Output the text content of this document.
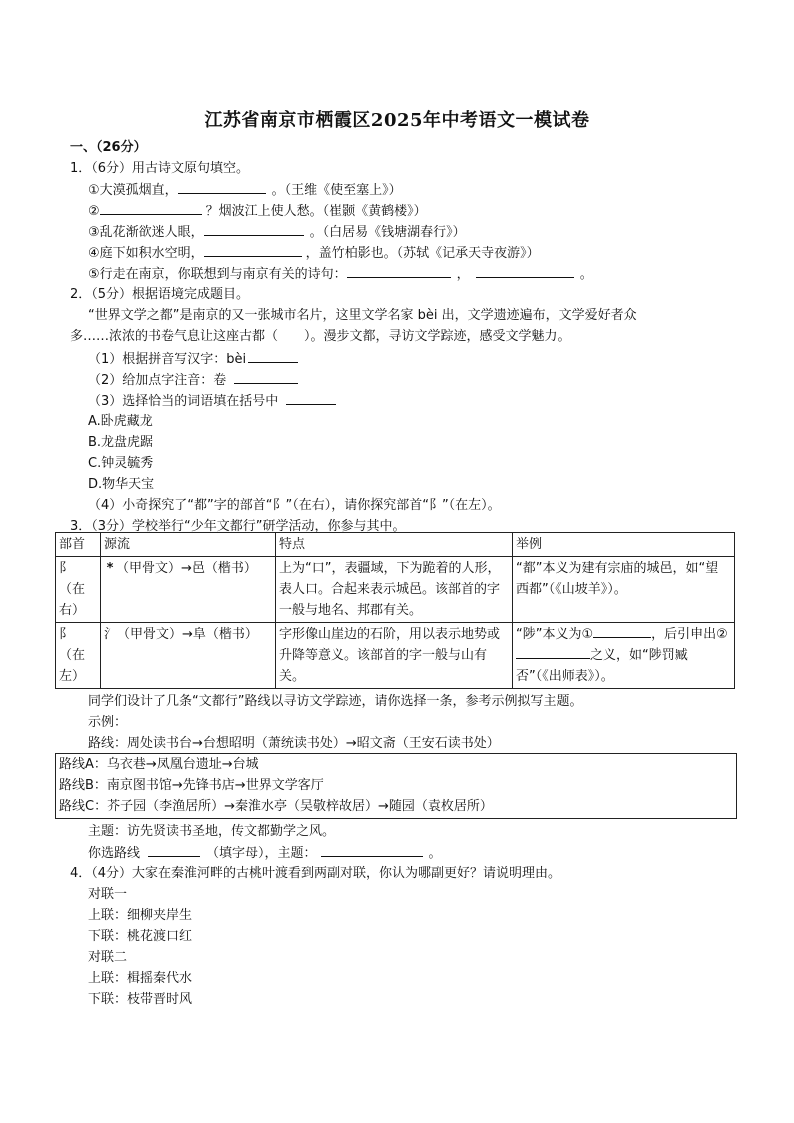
江苏省南京市栖霞区2025年中考语文一模试卷
一、（26分）
1．（6分）用古诗文原句填空。
①大漠孤烟直，	。（王维《使至塞上》）
②	？烟波江上使人愁。（崔颢《黄鹤楼》）
③乱花渐欲迷人眼，	。（白居易《钱塘湖春行》）
④庭下如积水空明，	，盖竹柏影也。（苏轼《记承天寺夜游》）
⑤行走在南京，你联想到与南京有关的诗句：	，	。
2．（5分）根据语境完成题目。
“世界文学之都”是南京的又一张城市名片，这里文学名家 bèi 出，文学遗迹遍布，文学爱好者众
多……浓浓的书卷气息让这座古都（　　）。漫步文都，寻访文学踪迹，感受文学魅力。
（1）根据拼音写汉字：bèi
（2）给加点字注音：卷
（3）选择恰当的词语填在括号中
A.卧虎藏龙
B.龙盘虎踞
C.钟灵毓秀
D.物华天宝
（4）小奇探究了“都”字的部首“阝”（在右），请你探究部首“阝”（在左）。
3．（3分）学校举行“少年文都行”研学活动，你参与其中。
部首	源流	特点	举例
阝（在右）	* （甲骨文）→邑（楷书）	上为“口”，表疆域，下为跪着的人形，表人口。合起来表示城邑。该部首的字一般与地名、邦郡有关。	“都”本义为建有宗庙的城邑，如“望西都”（《山坡羊》）。
阝（在左）	氵（甲骨文）→阜（楷书）	字形像山崖边的石阶，用以表示地势或升降等意义。该部首的字一般与山有关。	“陟”本义为① ，后引申出②之义，如“陟罚臧否”（《出师表》）。
同学们设计了几条“文都行”路线以寻访文学踪迹，请你选择一条，参考示例拟写主题。
示例：
路线：周处读书台→台想昭明（萧统读书处）→昭文斋（王安石读书处）
路线A：乌衣巷→凤凰台遗址→台城
路线B：南京图书馆→先锋书店→世界文学客厅
路线C：芥子园（李渔居所）→秦淮水亭（吴敬梓故居）→随园（袁枚居所）
主题：访先贤读书圣地，传文都勤学之风。
你选路线	（填字母），主题：	。
4．（4分）大家在秦淮河畔的古桃叶渡看到两副对联，你认为哪副更好？请说明理由。
对联一
上联：细柳夹岸生
下联：桃花渡口红
对联二
上联：楫摇秦代水
下联：枝带晋时风
